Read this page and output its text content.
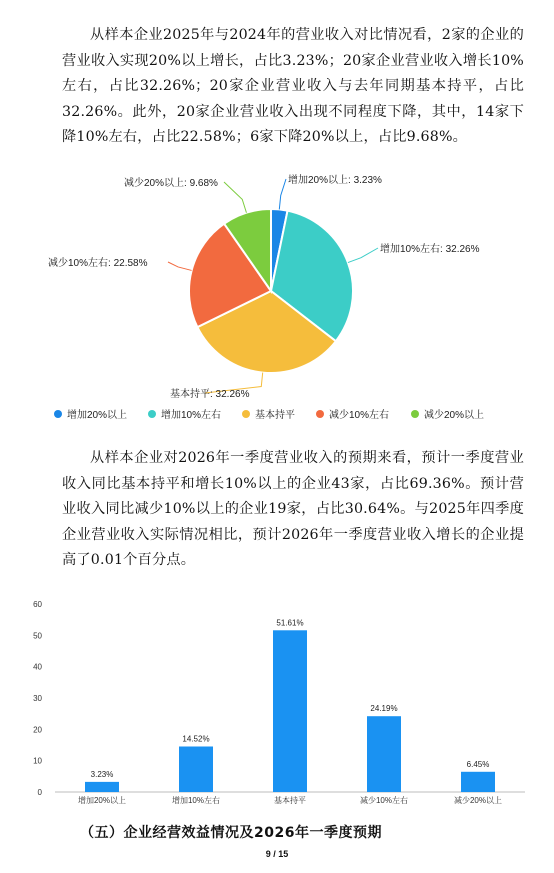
从样本企业2025年与2024年的营业收入对比情况看，2家的企业的营业收入实现20%以上增长，占比3.23%；20家企业营业收入增长10%左右，占比32.26%；20家企业营业收入与去年同期基本持平，占比32.26%。此外，20家企业营业收入出现不同程度下降，其中，14家下降10%左右，占比22.58%；6家下降20%以上，占比9.68%。
增加20%以上: 3.23%
增加10%左右: 32.26%
基本持平: 32.26%
减少10%左右: 22.58%
减少20%以上: 9.68%
增加20%以上	增加10%左右	基本持平	减少10%左右	减少20%以上
从样本企业对2026年一季度营业收入的预期来看，预计一季度营业收入同比基本持平和增长10%以上的企业43家，占比69.36%。预计营业收入同比减少10%以上的企业19家，占比30.64%。与2025年四季度企业营业收入实际情况相比，预计2026年一季度营业收入增长的企业提高了0.01个百分点。
0
10
20
30
40
50
60
3.23%
增加20%以上
14.52%
增加10%左右
51.61%
基本持平
24.19%
减少10%左右
6.45%
减少20%以上
（五）企业经营效益情况及2026年一季度预期
9 / 15
